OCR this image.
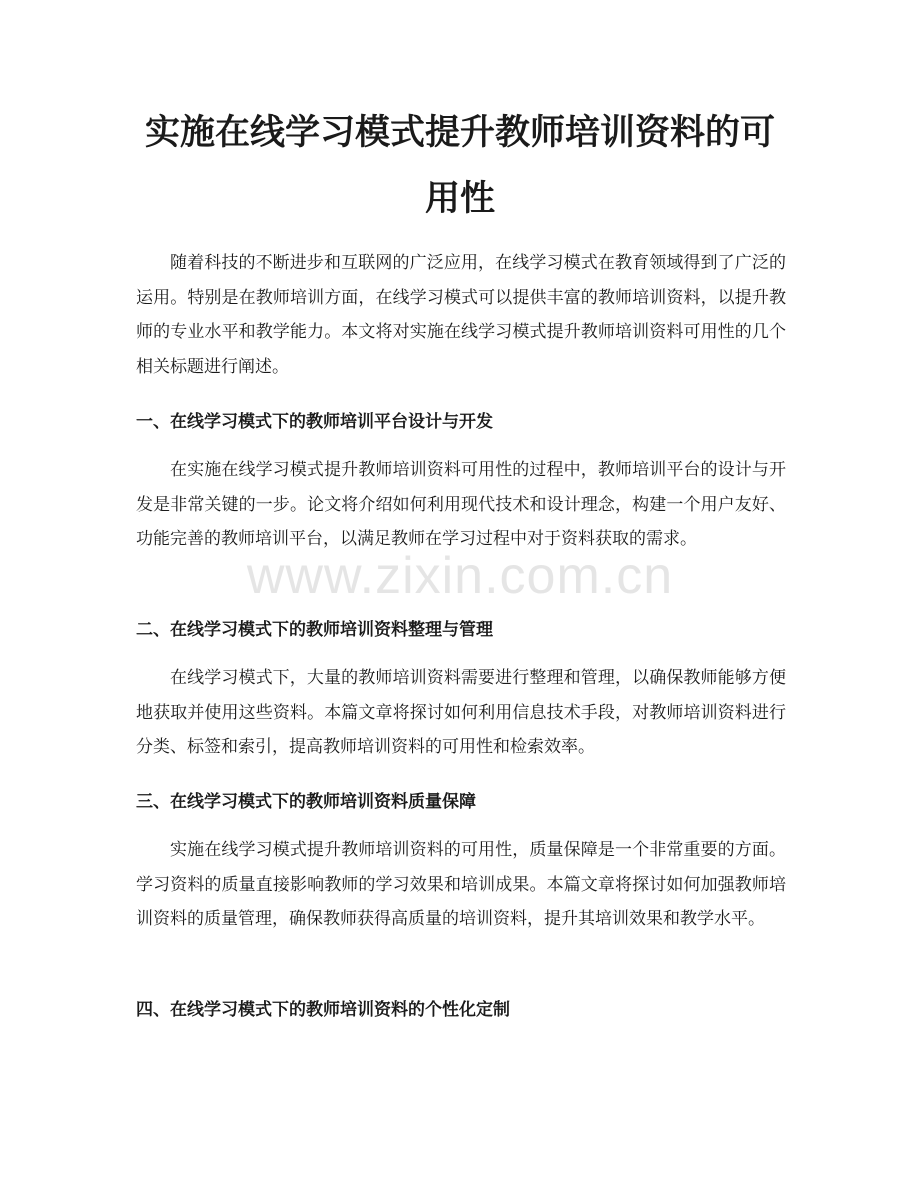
实施在线学习模式提升教师培训资料的可用性

随着科技的不断进步和互联网的广泛应用，在线学习模式在教育领域得到了广泛的运用。特别是在教师培训方面，在线学习模式可以提供丰富的教师培训资料，以提升教师的专业水平和教学能力。本文将对实施在线学习模式提升教师培训资料可用性的几个相关标题进行阐述。

一、在线学习模式下的教师培训平台设计与开发

在实施在线学习模式提升教师培训资料可用性的过程中，教师培训平台的设计与开发是非常关键的一步。论文将介绍如何利用现代技术和设计理念，构建一个用户友好、功能完善的教师培训平台，以满足教师在学习过程中对于资料获取的需求。

二、在线学习模式下的教师培训资料整理与管理

在线学习模式下，大量的教师培训资料需要进行整理和管理，以确保教师能够方便地获取并使用这些资料。本篇文章将探讨如何利用信息技术手段，对教师培训资料进行分类、标签和索引，提高教师培训资料的可用性和检索效率。

三、在线学习模式下的教师培训资料质量保障

实施在线学习模式提升教师培训资料的可用性，质量保障是一个非常重要的方面。学习资料的质量直接影响教师的学习效果和培训成果。本篇文章将探讨如何加强教师培训资料的质量管理，确保教师获得高质量的培训资料，提升其培训效果和教学水平。

四、在线学习模式下的教师培训资料的个性化定制
www.zixin.com.cn
